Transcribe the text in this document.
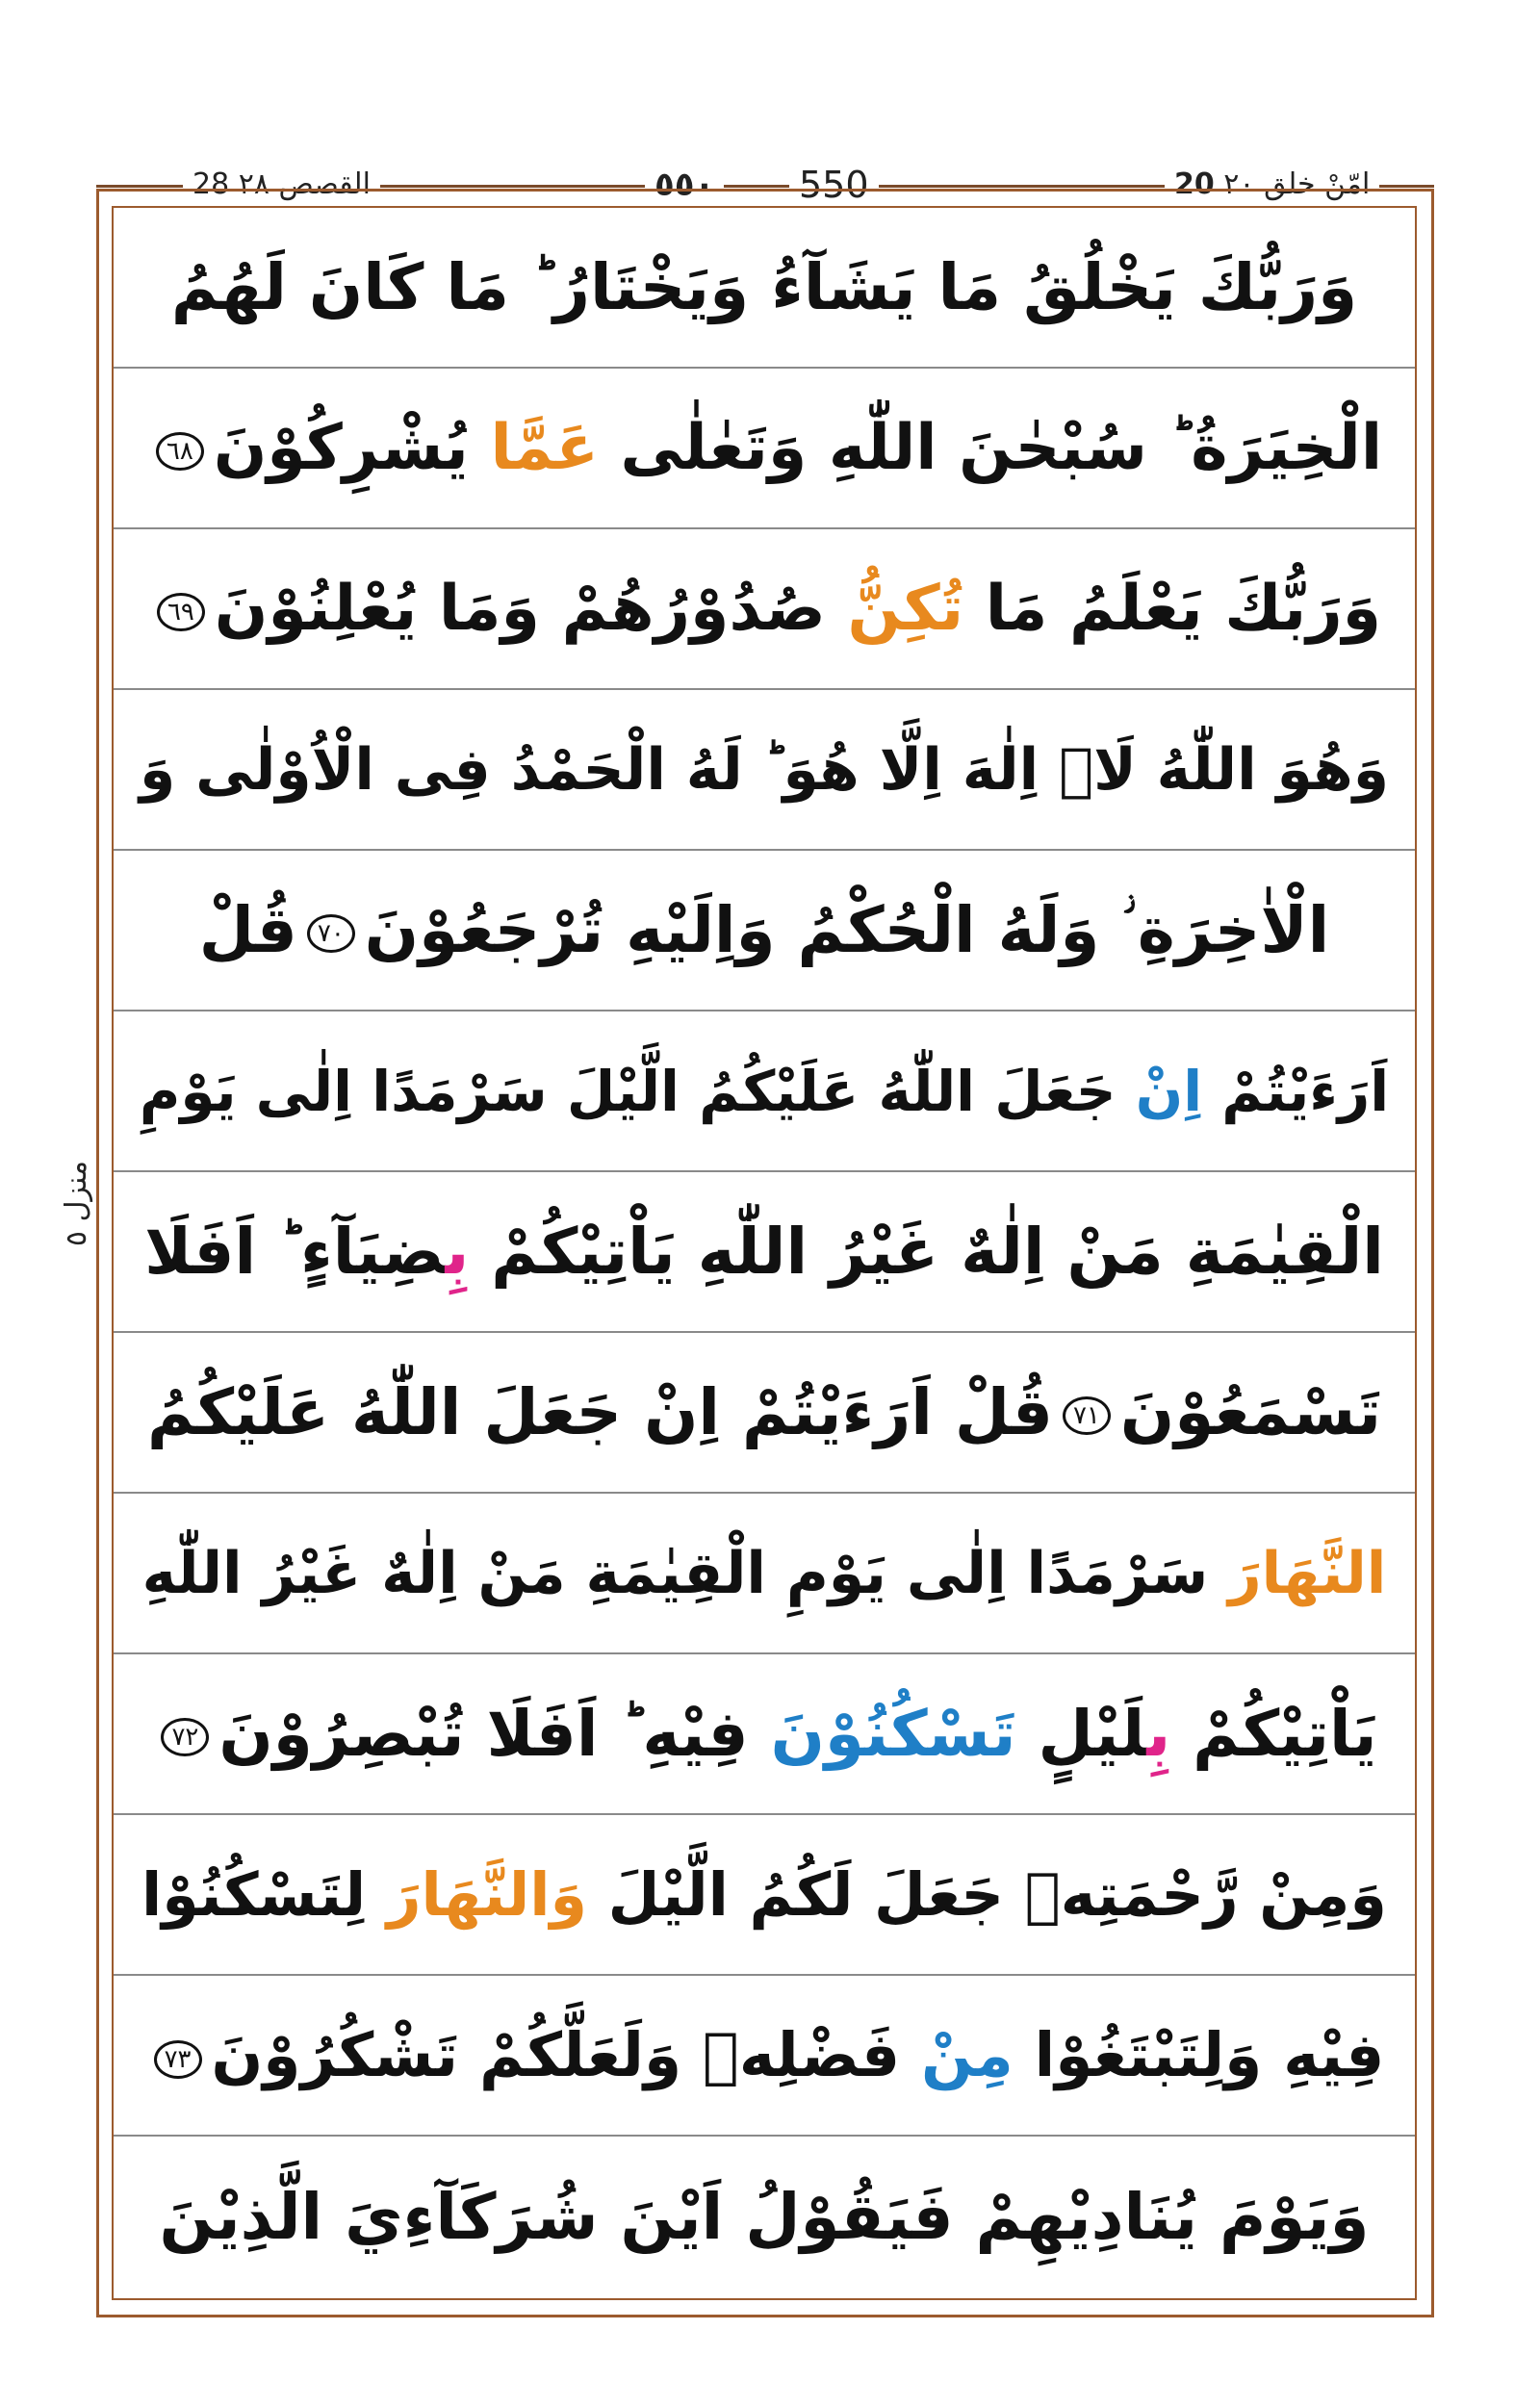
28 القصص ٢٨	٥٥٠ 550	20 امّنْ خلق ٢٠
منزل ٥
وَرَبُّكَ يَخْلُقُ مَا يَشَآءُ وَيَخْتَارُ ؕ مَا كَانَ لَهُمُ
الْخِيَرَةُ ؕ سُبْحٰنَ اللّٰهِ وَتَعٰلٰى عَمَّا يُشْرِكُوْنَ٦٨
وَرَبُّكَ يَعْلَمُ مَا تُكِنُّ صُدُوْرُهُمْ وَمَا يُعْلِنُوْنَ٦٩
وَهُوَ اللّٰهُ لَاۤ اِلٰهَ اِلَّا هُوَ ؕ لَهُ الْحَمْدُ فِى الْاُوْلٰى وَ
الْاٰخِرَةِ ؗ وَلَهُ الْحُكْمُ وَاِلَيْهِ تُرْجَعُوْنَ٧٠قُلْ
اَرَءَيْتُمْ اِنْ جَعَلَ اللّٰهُ عَلَيْكُمُ الَّيْلَ سَرْمَدًا اِلٰى يَوْمِ
الْقِيٰمَةِ مَنْ اِلٰهٌ غَيْرُ اللّٰهِ يَاْتِيْكُمْ بِضِيَآءٍ ؕ اَفَلَا
تَسْمَعُوْنَ٧١قُلْ اَرَءَيْتُمْ اِنْ جَعَلَ اللّٰهُ عَلَيْكُمُ
النَّهَارَ سَرْمَدًا اِلٰى يَوْمِ الْقِيٰمَةِ مَنْ اِلٰهٌ غَيْرُ اللّٰهِ
يَاْتِيْكُمْ بِلَيْلٍ تَسْكُنُوْنَ فِيْهِ ؕ اَفَلَا تُبْصِرُوْنَ٧٢
وَمِنْ رَّحْمَتِهٖ جَعَلَ لَكُمُ الَّيْلَ وَالنَّهَارَ لِتَسْكُنُوْا
فِيْهِ وَلِتَبْتَغُوْا مِنْ فَضْلِهٖ وَلَعَلَّكُمْ تَشْكُرُوْنَ٧٣
وَيَوْمَ يُنَادِيْهِمْ فَيَقُوْلُ اَيْنَ شُرَكَآءِيَ الَّذِيْنَ
